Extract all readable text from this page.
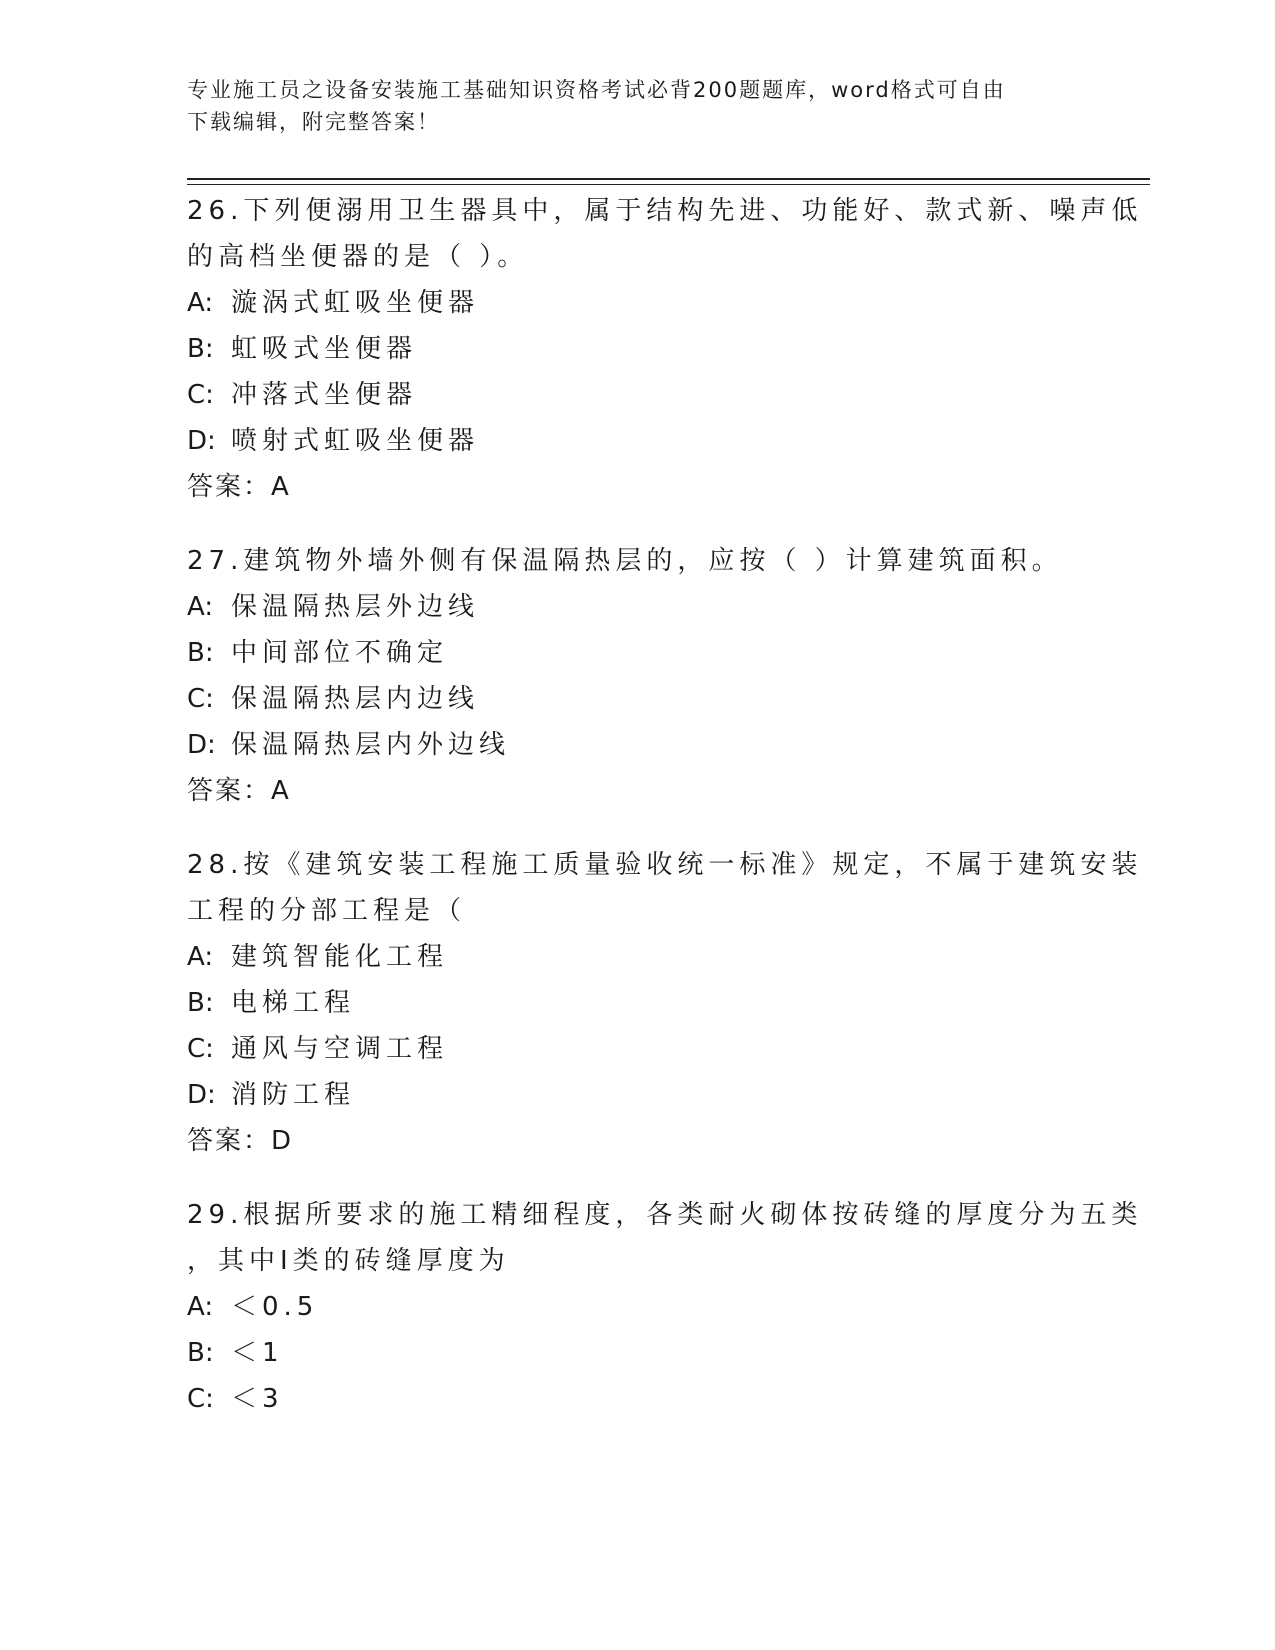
专业施工员之设备安装施工基础知识资格考试必背200题题库，word格式可自由
下载编辑，附完整答案！
26.下列便溺用卫生器具中，属于结构先进、功能好、款式新、噪声低
的高档坐便器的是（ ）。
A: 漩涡式虹吸坐便器
B: 虹吸式坐便器
C: 冲落式坐便器
D: 喷射式虹吸坐便器
答案：A
27.建筑物外墙外侧有保温隔热层的，应按（ ）计算建筑面积。
A: 保温隔热层外边线
B: 中间部位不确定
C: 保温隔热层内边线
D: 保温隔热层内外边线
答案：A
28.按《建筑安装工程施工质量验收统一标准》规定，不属于建筑安装
工程的分部工程是（
A: 建筑智能化工程
B: 电梯工程
C: 通风与空调工程
D: 消防工程
答案：D
29.根据所要求的施工精细程度，各类耐火砌体按砖缝的厚度分为五类
，其中Ⅰ类的砖缝厚度为
A: ＜0.5
B: ＜1
C: ＜3
